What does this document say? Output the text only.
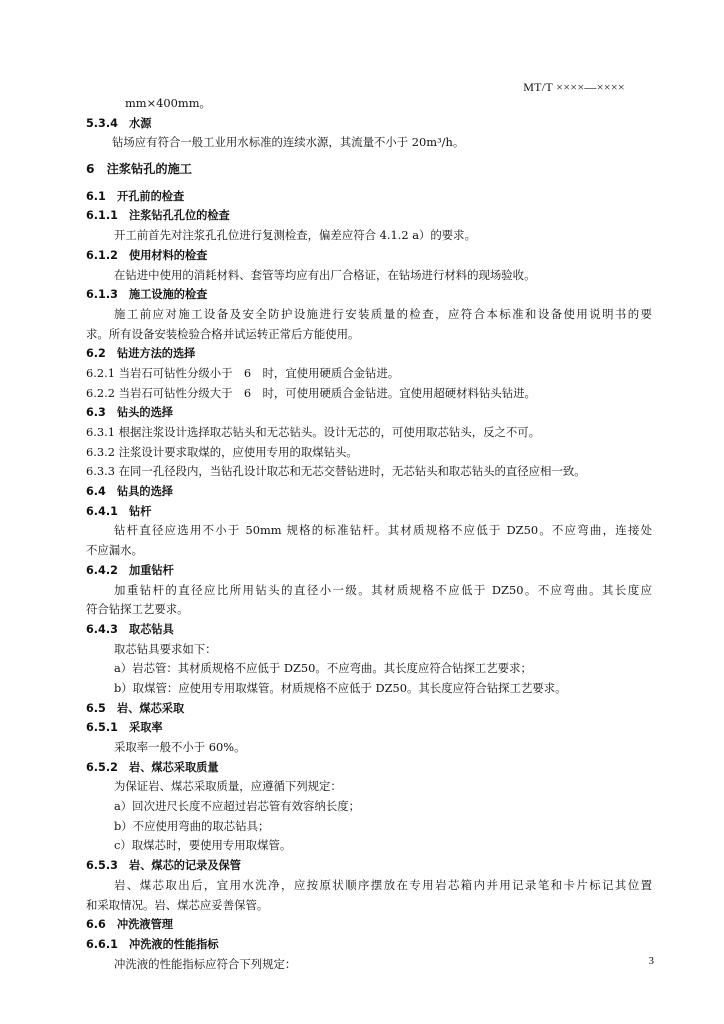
MT/T ××××—××××
mm×400mm。
5.3.4　水源
钻场应有符合一般工业用水标准的连续水源，其流量不小于 20m³/h。
6　注浆钻孔的施工
6.1　开孔前的检查
6.1.1　注浆钻孔孔位的检查
开工前首先对注浆孔孔位进行复测检查，偏差应符合 4.1.2 a）的要求。
6.1.2　使用材料的检查
在钻进中使用的消耗材料、套管等均应有出厂合格证，在钻场进行材料的现场验收。
6.1.3　施工设施的检查
施工前应对施工设备及安全防护设施进行安装质量的检查，应符合本标准和设备使用说明书的要
求。所有设备安装检验合格并试运转正常后方能使用。
6.2　钻进方法的选择
6.2.1 当岩石可钻性分级小于　6　时，宜使用硬质合金钻进。
6.2.2 当岩石可钻性分级大于　6　时，可使用硬质合金钻进。宜使用超硬材料钻头钻进。
6.3　钻头的选择
6.3.1 根据注浆设计选择取芯钻头和无芯钻头。设计无芯的，可使用取芯钻头，反之不可。
6.3.2 注浆设计要求取煤的，应使用专用的取煤钻头。
6.3.3 在同一孔径段内，当钻孔设计取芯和无芯交替钻进时，无芯钻头和取芯钻头的直径应相一致。
6.4　钻具的选择
6.4.1　钻杆
钻杆直径应选用不小于 50mm 规格的标准钻杆。其材质规格不应低于 DZ50。不应弯曲，连接处
不应漏水。
6.4.2　加重钻杆
加重钻杆的直径应比所用钻头的直径小一级。其材质规格不应低于 DZ50。不应弯曲。其长度应
符合钻探工艺要求。
6.4.3　取芯钻具
取芯钻具要求如下：
a）岩芯管：其材质规格不应低于 DZ50。不应弯曲。其长度应符合钻探工艺要求；
b）取煤管：应使用专用取煤管。材质规格不应低于 DZ50。其长度应符合钻探工艺要求。
6.5　岩、煤芯采取
6.5.1　采取率
采取率一般不小于 60%。
6.5.2　岩、煤芯采取质量
为保证岩、煤芯采取质量，应遵循下列规定：
a）回次进尺长度不应超过岩芯管有效容纳长度；
b）不应使用弯曲的取芯钻具；
c）取煤芯时，要使用专用取煤管。
6.5.3　岩、煤芯的记录及保管
岩、煤芯取出后，宜用水洗净，应按原状顺序摆放在专用岩芯箱内并用记录笔和卡片标记其位置
和采取情况。岩、煤芯应妥善保管。
6.6　冲洗液管理
6.6.1　冲洗液的性能指标
冲洗液的性能指标应符合下列规定：	3
